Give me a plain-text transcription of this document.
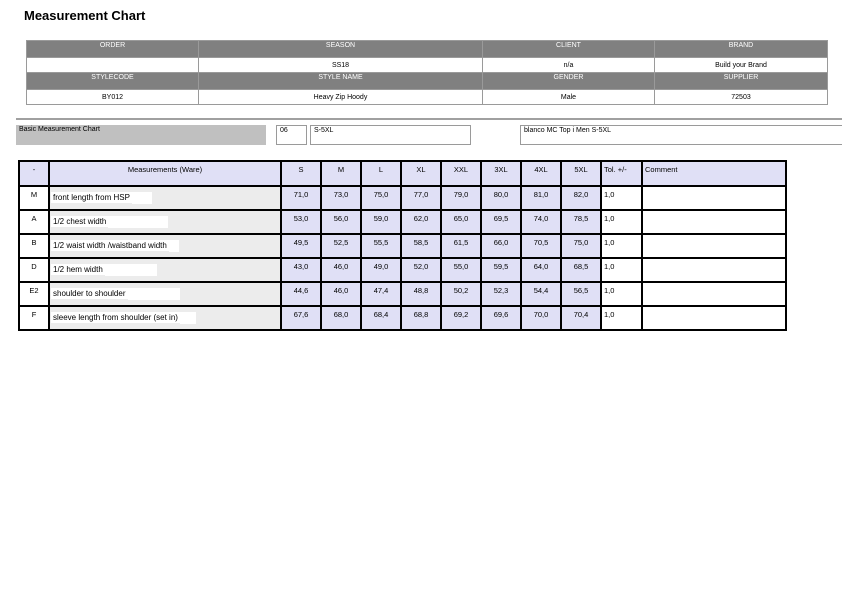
Measurement Chart
ORDER	SEASON	CLIENT	BRAND
	SS18	n/a	Build your Brand
STYLECODE	STYLE NAME	GENDER	SUPPLIER
BY012	Heavy Zip Hoody	Male	72503
Basic Measurement Chart	06	S-5XL	blanco MC Top i Men S-5XL
-	Measurements (Ware)	S	M	L	XL	XXL	3XL	4XL	5XL	Tol. +/-	Comment
M	front length from HSP	71,0	73,0	75,0	77,0	79,0	80,0	81,0	82,0	1,0	
A	1/2 chest width	53,0	56,0	59,0	62,0	65,0	69,5	74,0	78,5	1,0	
B	1/2 waist width /waistband width	49,5	52,5	55,5	58,5	61,5	66,0	70,5	75,0	1,0	
D	1/2 hem width	43,0	46,0	49,0	52,0	55,0	59,5	64,0	68,5	1,0	
E2	shoulder to shoulder	44,6	46,0	47,4	48,8	50,2	52,3	54,4	56,5	1,0	
F	sleeve length from shoulder (set in)	67,6	68,0	68,4	68,8	69,2	69,6	70,0	70,4	1,0	
